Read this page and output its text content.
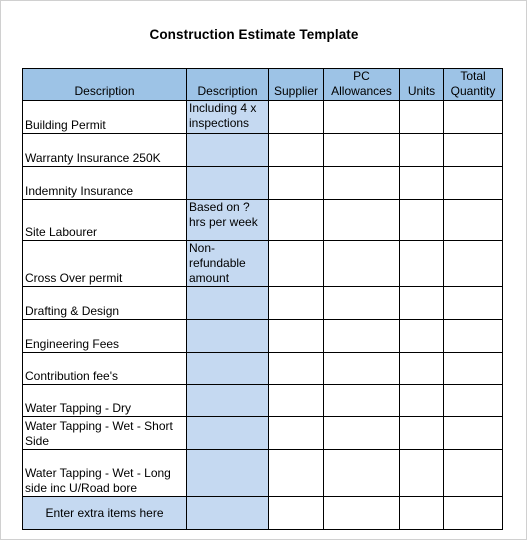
Construction Estimate Template
Description	Description	Supplier	PC Allowances	Units	Total Quantity
Building Permit	Including 4 x inspections				
Warranty Insurance 250K					
Indemnity Insurance					
Site Labourer	Based on ?hrs per week				
Cross Over permit	Non-refundable amount				
Drafting & Design					
Engineering Fees					
Contribution fee's					
Water Tapping - Dry					
Water Tapping - Wet - Short Side					
Water Tapping - Wet - Long side inc U/Road bore					
Enter extra items here					
